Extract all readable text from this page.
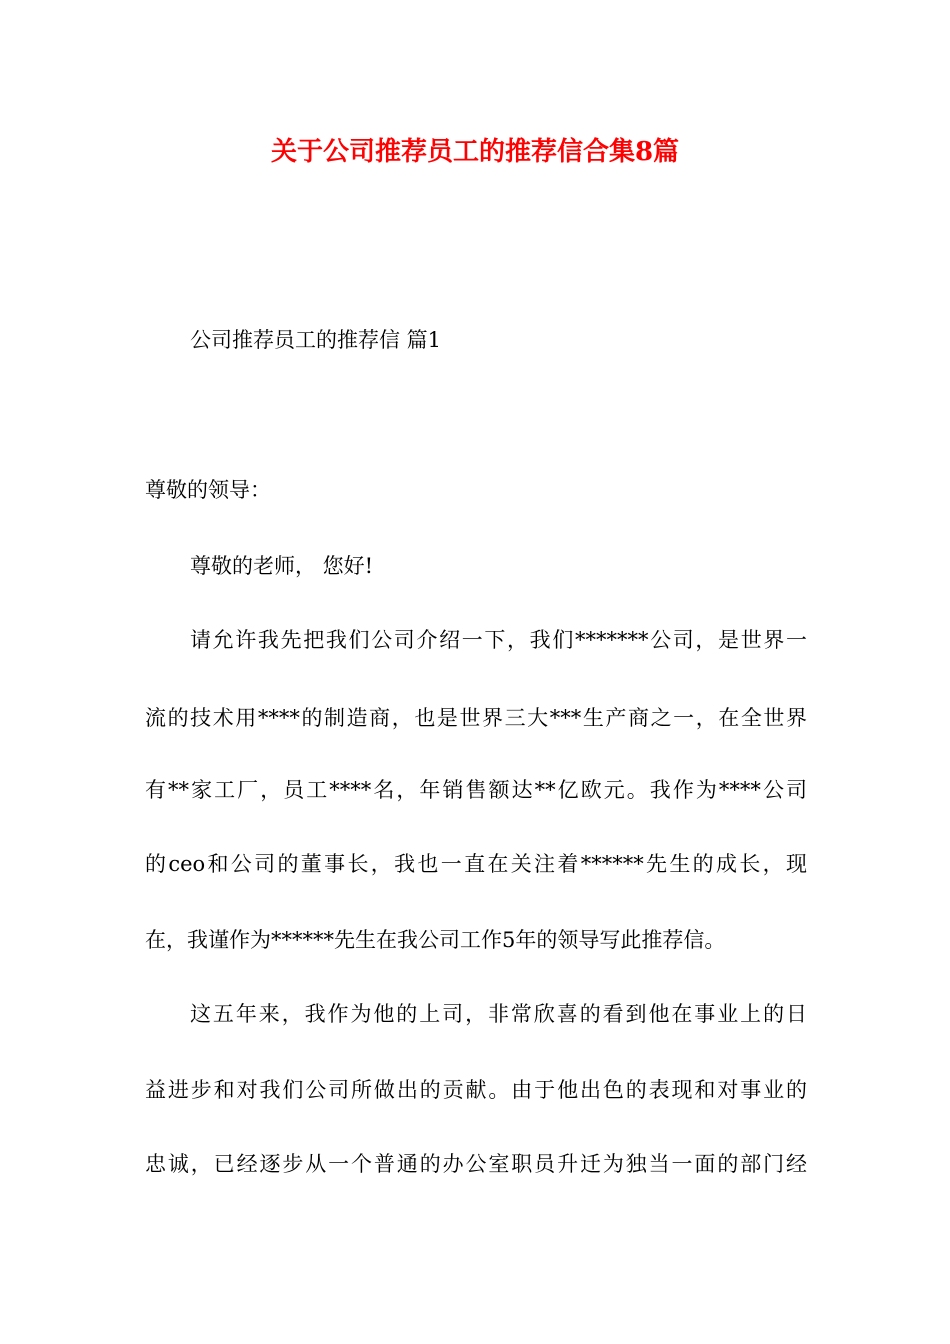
关于公司推荐员工的推荐信合集8篇

公司推荐员工的推荐信 篇1

尊敬的领导：

尊敬的老师， 您好!

请允许我先把我们公司介绍一下，我们*******公司，是世界一

流的技术用****的制造商，也是世界三大***生产商之一，在全世界

有**家工厂，员工****名，年销售额达**亿欧元。我作为****公司

的ceo和公司的董事长，我也一直在关注着******先生的成长，现

在，我谨作为******先生在我公司工作5年的领导写此推荐信。

这五年来，我作为他的上司，非常欣喜的看到他在事业上的日

益进步和对我们公司所做出的贡献。由于他出色的表现和对事业的

忠诚，已经逐步从一个普通的办公室职员升迁为独当一面的部门经
